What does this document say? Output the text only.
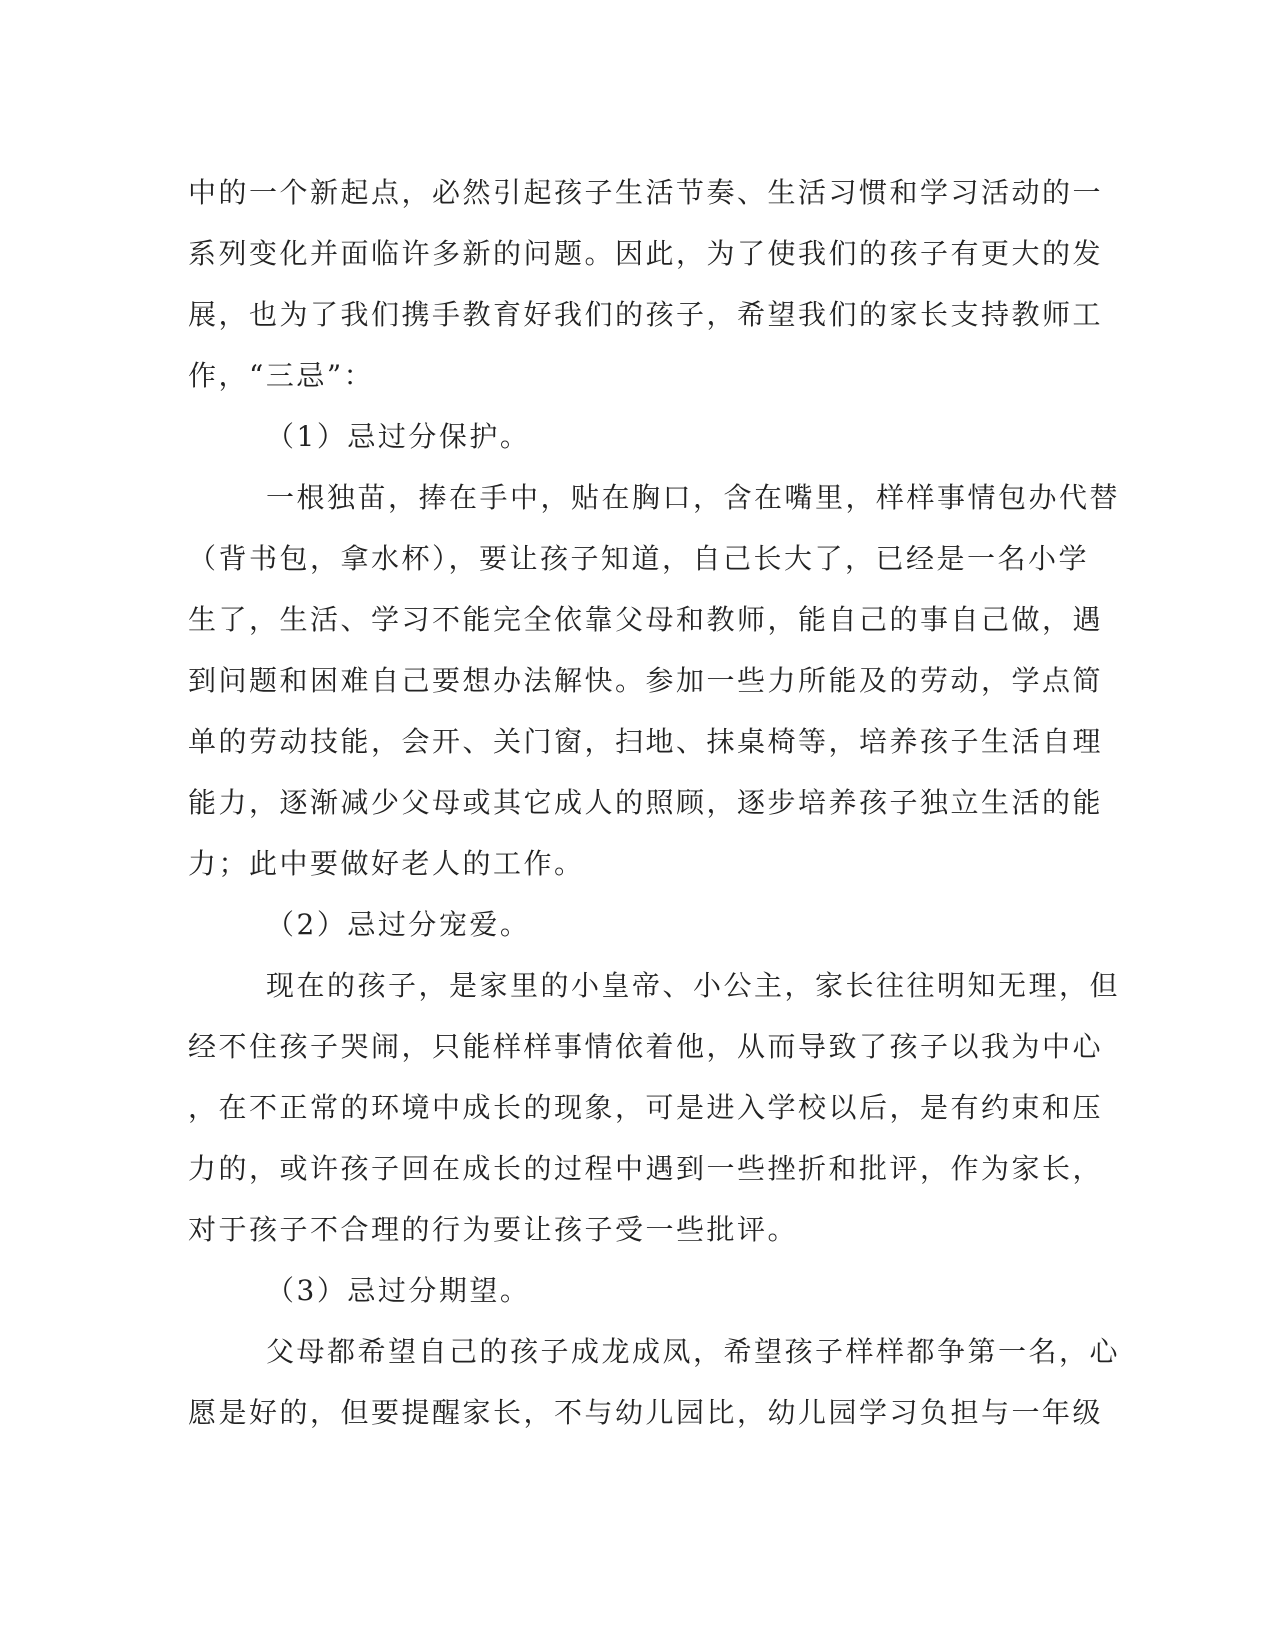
中的一个新起点，必然引起孩子生活节奏、生活习惯和学习活动的一
系列变化并面临许多新的问题。因此，为了使我们的孩子有更大的发
展，也为了我们携手教育好我们的孩子，希望我们的家长支持教师工
作，“三忌”：
（1）忌过分保护。
一根独苗，捧在手中，贴在胸口，含在嘴里，样样事情包办代替
（背书包，拿水杯），要让孩子知道，自己长大了，已经是一名小学
生了，生活、学习不能完全依靠父母和教师，能自己的事自己做，遇
到问题和困难自己要想办法解快。参加一些力所能及的劳动，学点简
单的劳动技能，会开、关门窗，扫地、抹桌椅等，培养孩子生活自理
能力，逐渐减少父母或其它成人的照顾，逐步培养孩子独立生活的能
力；此中要做好老人的工作。
（2）忌过分宠爱。
现在的孩子，是家里的小皇帝、小公主，家长往往明知无理，但
经不住孩子哭闹，只能样样事情依着他，从而导致了孩子以我为中心
，在不正常的环境中成长的现象，可是进入学校以后，是有约束和压
力的，或许孩子回在成长的过程中遇到一些挫折和批评，作为家长，
对于孩子不合理的行为要让孩子受一些批评。
（3）忌过分期望。
父母都希望自己的孩子成龙成凤，希望孩子样样都争第一名，心
愿是好的，但要提醒家长，不与幼儿园比，幼儿园学习负担与一年级
